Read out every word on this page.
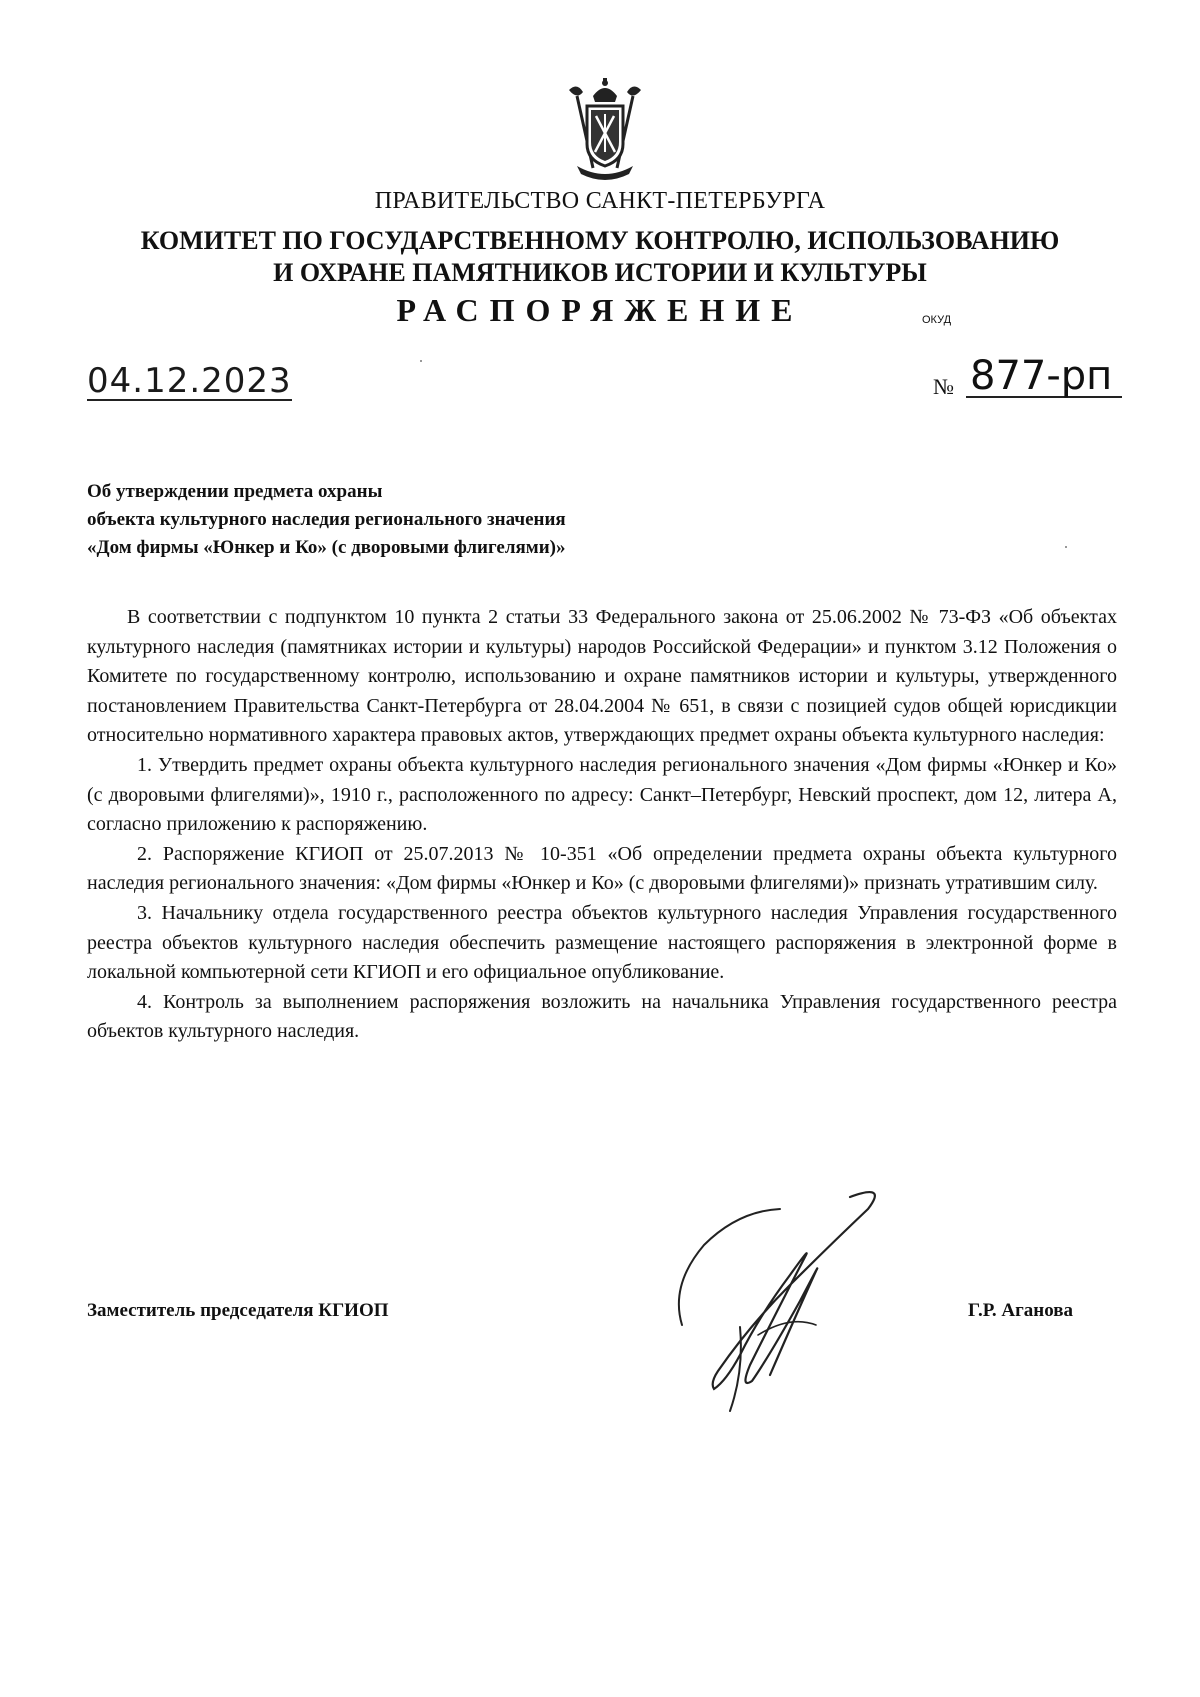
ПРАВИТЕЛЬСТВО САНКТ-ПЕТЕРБУРГА
КОМИТЕТ ПО ГОСУДАРСТВЕННОМУ КОНТРОЛЮ, ИСПОЛЬЗОВАНИЮ
И ОХРАНЕ ПАМЯТНИКОВ ИСТОРИИ И КУЛЬТУРЫ
РАСПОРЯЖЕНИЕ	ОКУД
04.12.2023	№ 877-рп
Об утверждении предмета охраны
объекта культурного наследия регионального значения
«Дом фирмы «Юнкер и Ко» (с дворовыми флигелями)»
В соответствии с подпунктом 10 пункта 2 статьи 33 Федерального закона от 25.06.2002 № 73-ФЗ «Об объектах культурного наследия (памятниках истории и культуры) народов Российской Федерации» и пунктом 3.12 Положения о Комитете по государственному контролю, использованию и охране памятников истории и культуры, утвержденного постановлением Правительства Санкт-Петербурга от 28.04.2004 № 651, в связи с позицией судов общей юрисдикции относительно нормативного характера правовых актов, утверждающих предмет охраны объекта культурного наследия:
1. Утвердить предмет охраны объекта культурного наследия регионального значения «Дом фирмы «Юнкер и Ко» (с дворовыми флигелями)», 1910 г., расположенного по адресу: Санкт–Петербург, Невский проспект, дом 12, литера А, согласно приложению к распоряжению.
2. Распоряжение КГИОП от 25.07.2013 № 10-351 «Об определении предмета охраны объекта культурного наследия регионального значения: «Дом фирмы «Юнкер и Ко» (с дворовыми флигелями)» признать утратившим силу.
3. Начальнику отдела государственного реестра объектов культурного наследия Управления государственного реестра объектов культурного наследия обеспечить размещение настоящего распоряжения в электронной форме в локальной компьютерной сети КГИОП и его официальное опубликование.
4. Контроль за выполнением распоряжения возложить на начальника Управления государственного реестра объектов культурного наследия.
Заместитель председателя КГИОП	Г.Р. Аганова
